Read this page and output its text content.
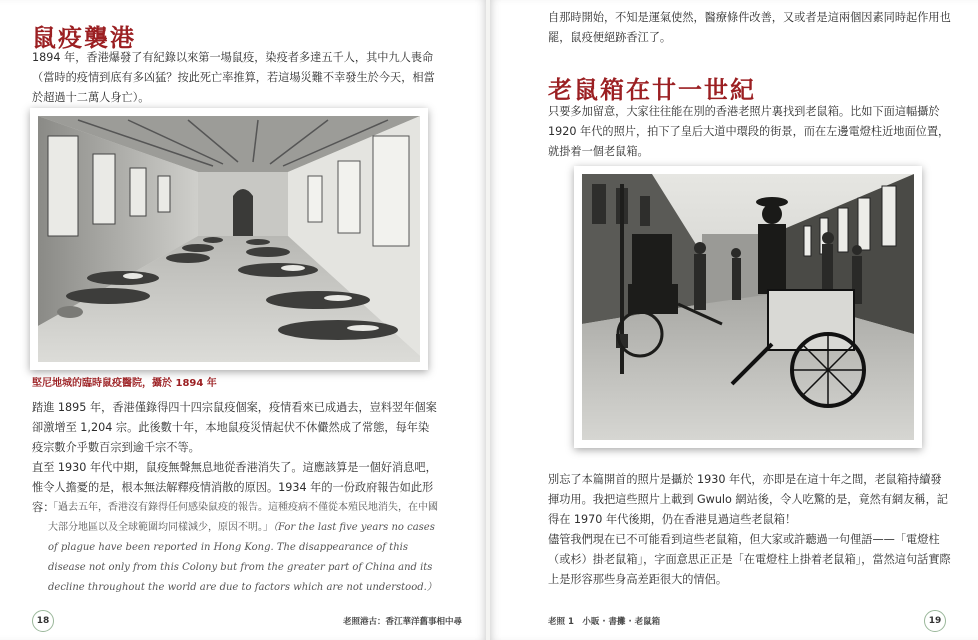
鼠疫襲港

1894 年，香港爆發了有紀錄以來第一場鼠疫，染疫者多達五千人，其中九人喪命（當時的疫情到底有多凶猛？按此死亡率推算，若這場災難不幸發生於今天，相當於超過十二萬人身亡）。

堅尼地城的臨時鼠疫醫院，攝於 1894 年

踏進 1895 年，香港僅錄得四十四宗鼠疫個案，疫情看來已成過去，豈料翌年個案卻激增至 1,204 宗。此後數十年，本地鼠疫災情起伏不休儼然成了常態，每年染疫宗數介乎數百宗到逾千宗不等。

直至 1930 年代中期，鼠疫無聲無息地從香港消失了。這應該算是一個好消息吧，惟令人擔憂的是，根本無法解釋疫情消散的原因。1934 年的一份政府報告如此形容：

「過去五年，香港沒有錄得任何感染鼠疫的報告。這種疫病不僅從本殖民地消失，在中國大部分地區以及全球範圍均同樣減少，原因不明。」（For the last five years no cases of plague have been reported in Hong Kong. The disappearance of this disease not only from this Colony but from the greater part of China and its decline throughout the world are due to factors which are not understood.）
18	老照港古：香江華洋舊事相中尋

自那時開始，不知是運氣使然，醫療條件改善，又或者是這兩個因素同時起作用也罷，鼠疫便絕跡香江了。

老鼠箱在廿一世紀

只要多加留意，大家往往能在別的香港老照片裏找到老鼠箱。比如下面這幅攝於 1920 年代的照片，拍下了皇后大道中環段的街景，而在左邊電燈柱近地面位置，就掛着一個老鼠箱。

別忘了本篇開首的照片是攝於 1930 年代，亦即是在這十年之間，老鼠箱持續發揮功用。我把這些照片上載到 Gwulo 網站後，令人吃驚的是，竟然有網友稱，記得在 1970 年代後期，仍在香港見過這些老鼠箱！

儘管我們現在已不可能看到這些老鼠箱，但大家或許聽過一句俚語——「電燈柱（或杉）掛老鼠箱」，字面意思正正是「在電燈柱上掛着老鼠箱」，當然這句話實際上是形容那些身高差距很大的情侶。

老照 1　小販 · 書攤 · 老鼠箱	19
